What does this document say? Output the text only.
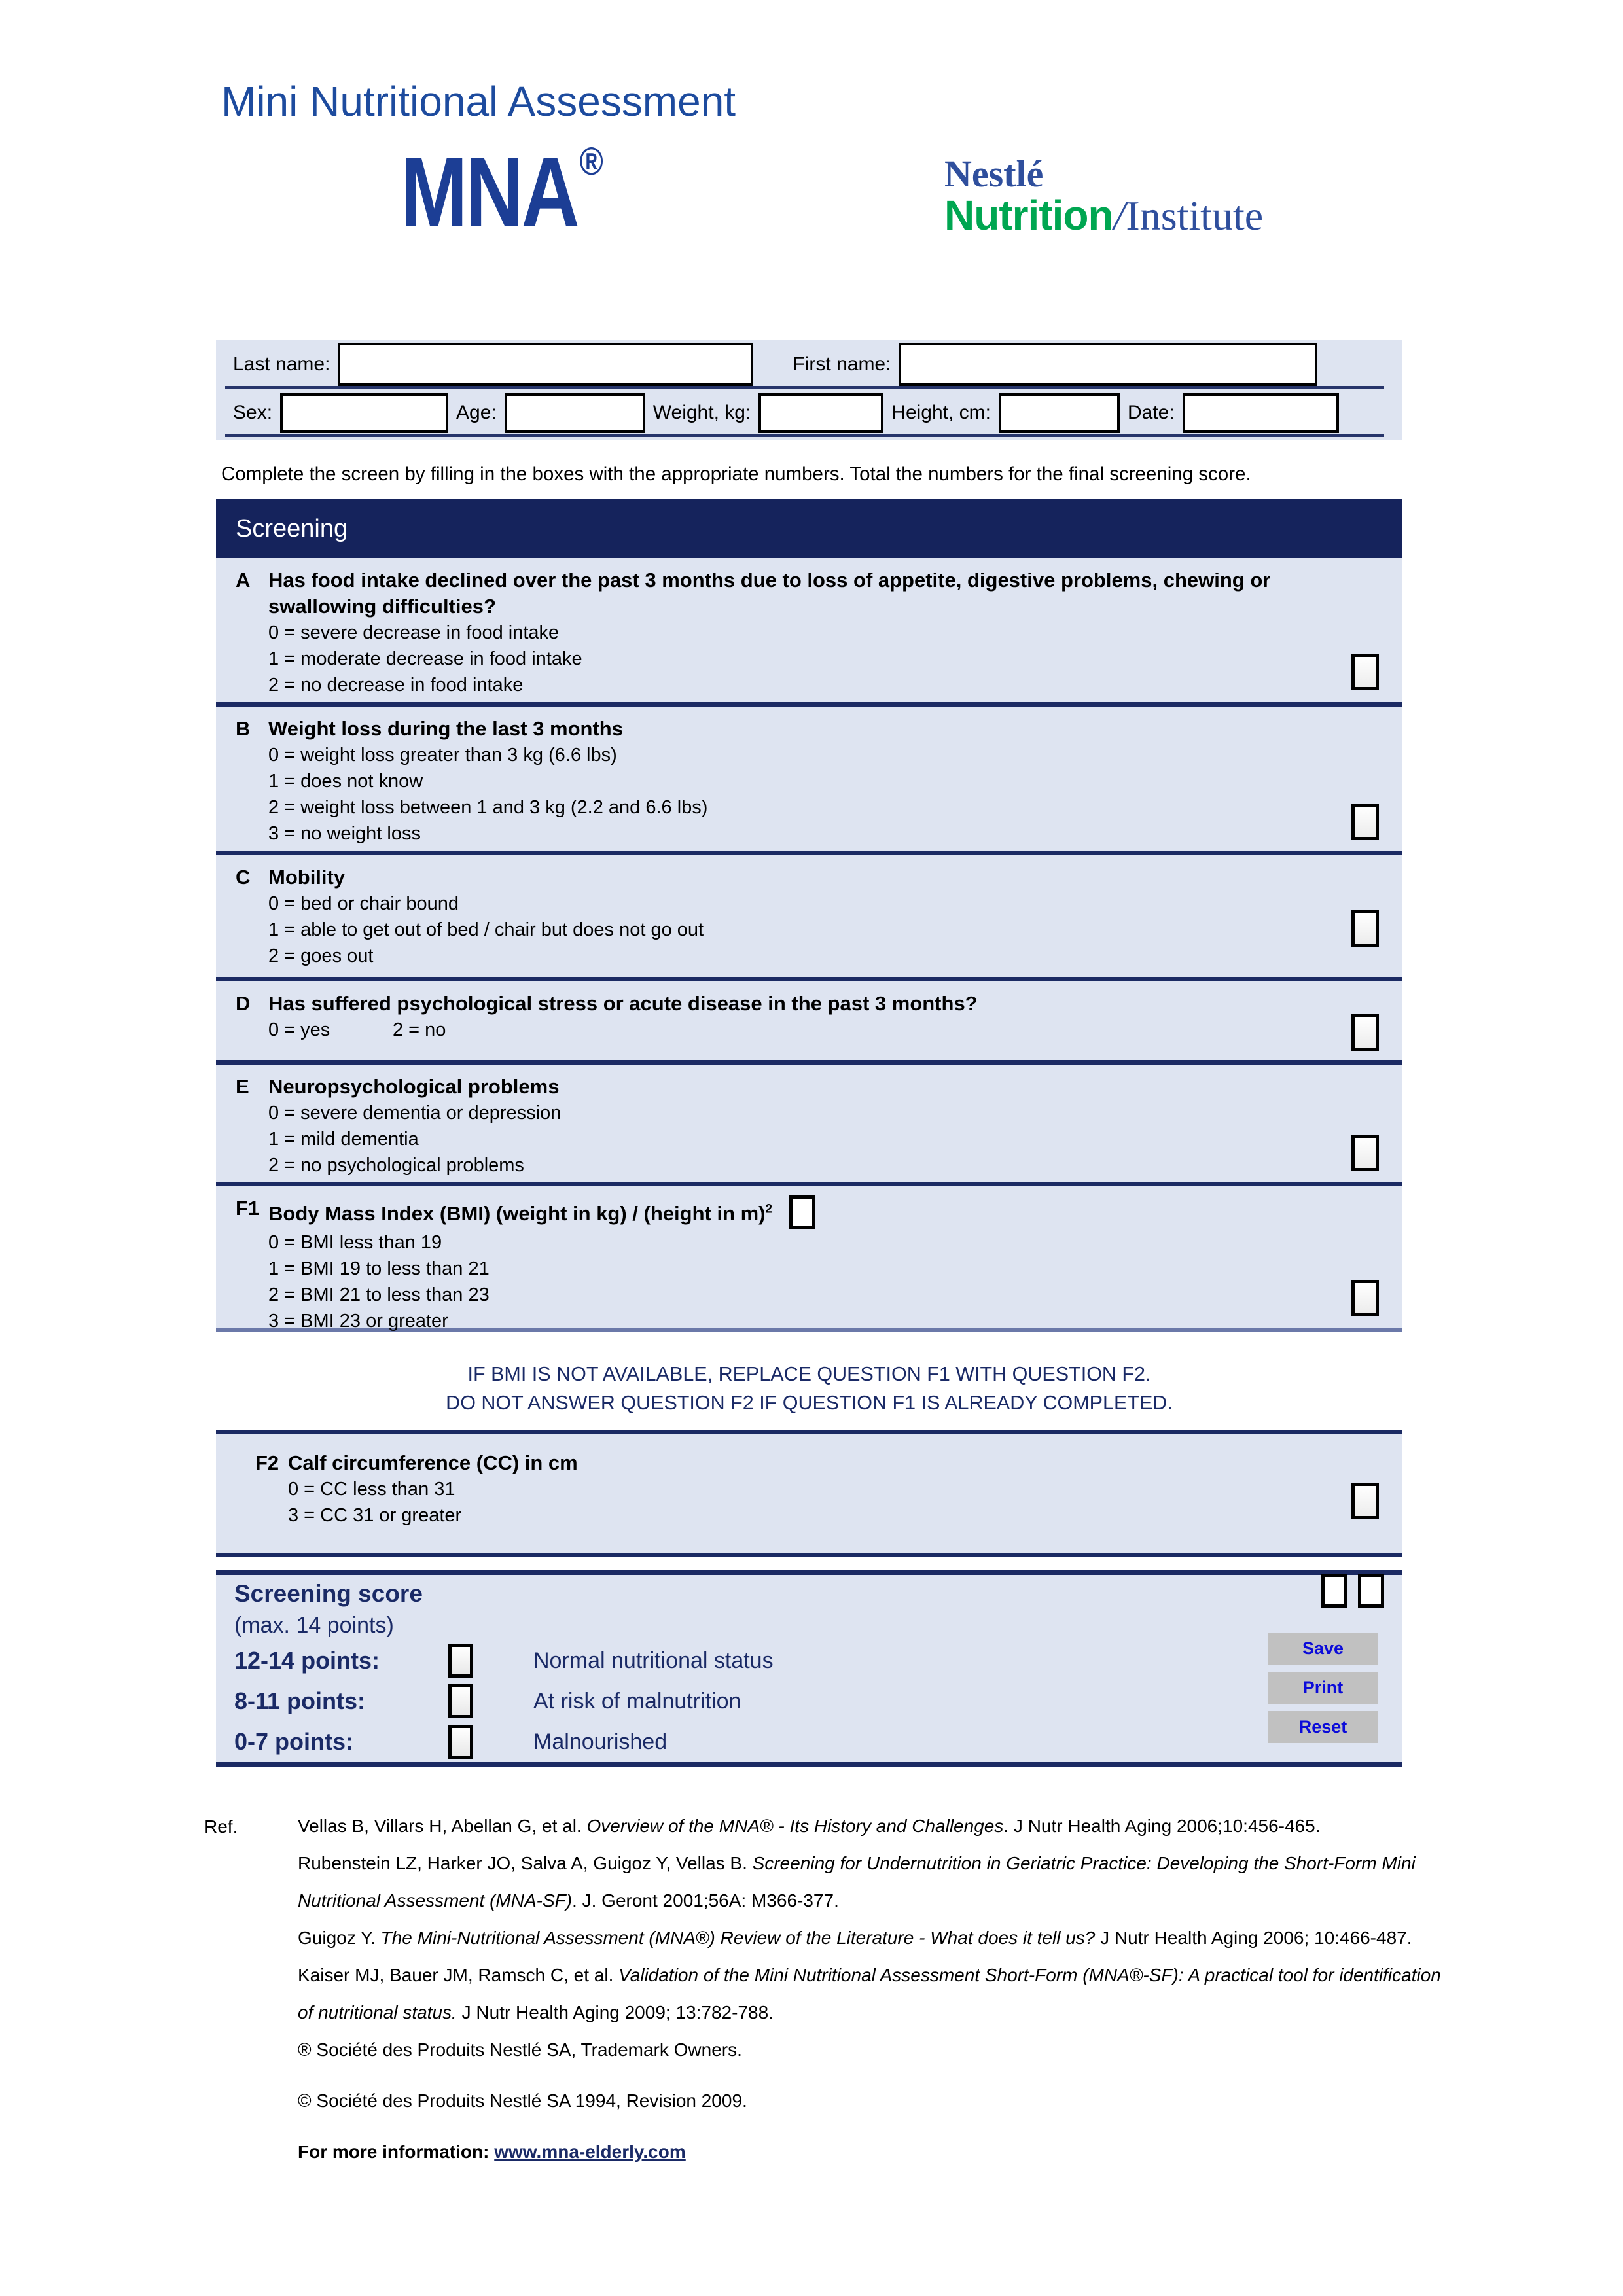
Mini Nutritional Assessment
MNA®	Nestlé
Nutrition/Institute
Last name:	First name:
Sex:	Age:	Weight, kg:	Height, cm:	Date:
Complete the screen by filling in the boxes with the appropriate numbers. Total the numbers for the final screening score.
Screening
A Has food intake declined over the past 3 months due to loss of appetite, digestive problems, chewing or
swallowing difficulties?
0 = severe decrease in food intake
1 = moderate decrease in food intake
2 = no decrease in food intake
B Weight loss during the last 3 months
0 = weight loss greater than 3 kg (6.6 lbs)
1 = does not know
2 = weight loss between 1 and 3 kg (2.2 and 6.6 lbs)
3 = no weight loss
C Mobility
0 = bed or chair bound
1 = able to get out of bed / chair but does not go out
2 = goes out
D Has suffered psychological stress or acute disease in the past 3 months?
0 = yes	2 = no
E Neuropsychological problems
0 = severe dementia or depression
1 = mild dementia
2 = no psychological problems
F1 Body Mass Index (BMI) (weight in kg) / (height in m)$^2$
0 = BMI less than 19
1 = BMI 19 to less than 21
2 = BMI 21 to less than 23
3 = BMI 23 or greater
IF BMI IS NOT AVAILABLE, REPLACE QUESTION F1 WITH QUESTION F2.
DO NOT ANSWER QUESTION F2 IF QUESTION F1 IS ALREADY COMPLETED.
F2 Calf circumference (CC) in cm
0 = CC less than 31
3 = CC 31 or greater
Screening score
(max. 14 points)
12-14 points:	Normal nutritional status
8-11 points:	At risk of malnutrition
0-7 points:	Malnourished
Save
Print
Reset
Ref.	Vellas B, Villars H, Abellan G, et al. Overview of the MNA® - Its History and Challenges. J Nutr Health Aging 2006;10:456-465.
Rubenstein LZ, Harker JO, Salva A, Guigoz Y, Vellas B. Screening for Undernutrition in Geriatric Practice: Developing the Short-Form Mini
Nutritional Assessment (MNA-SF). J. Geront 2001;56A: M366-377.
Guigoz Y. The Mini-Nutritional Assessment (MNA®) Review of the Literature - What does it tell us? J Nutr Health Aging 2006; 10:466-487.
Kaiser MJ, Bauer JM, Ramsch C, et al. Validation of the Mini Nutritional Assessment Short-Form (MNA®-SF): A practical tool for identification
of nutritional status. J Nutr Health Aging 2009; 13:782-788.
® Société des Produits Nestlé SA, Trademark Owners.
© Société des Produits Nestlé SA 1994, Revision 2009.
For more information: www.mna-elderly.com
